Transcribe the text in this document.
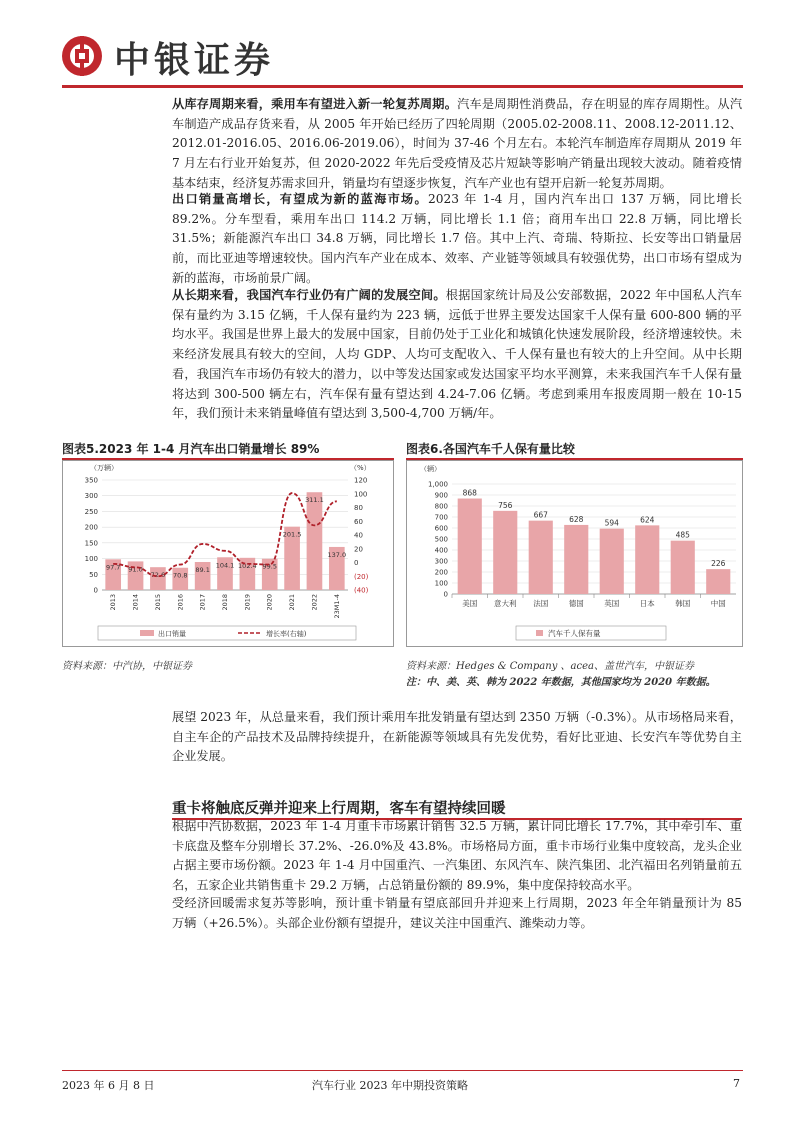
中银证券
从库存周期来看，乘用车有望进入新一轮复苏周期。汽车是周期性消费品，存在明显的库存周期性。从汽车制造产成品存货来看，从 2005 年开始已经历了四轮周期（2005.02-2008.11、2008.12-2011.12、2012.01-2016.05、2016.06-2019.06），时间为 37-46 个月左右。本轮汽车制造库存周期从 2019 年 7 月左右行业开始复苏，但 2020-2022 年先后受疫情及芯片短缺等影响产销量出现较大波动。随着疫情基本结束，经济复苏需求回升，销量均有望逐步恢复，汽车产业也有望开启新一轮复苏周期。
出口销量高增长，有望成为新的蓝海市场。2023 年 1-4 月，国内汽车出口 137 万辆，同比增长 89.2%。分车型看，乘用车出口 114.2 万辆，同比增长 1.1 倍；商用车出口 22.8 万辆，同比增长 31.5%；新能源汽车出口 34.8 万辆，同比增长 1.7 倍。其中上汽、奇瑞、特斯拉、长安等出口销量居前，而比亚迪等增速较快。国内汽车产业在成本、效率、产业链等领域具有较强优势，出口市场有望成为新的蓝海，市场前景广阔。
从长期来看，我国汽车行业仍有广阔的发展空间。根据国家统计局及公安部数据，2022 年中国私人汽车保有量约为 3.15 亿辆，千人保有量约为 223 辆，远低于世界主要发达国家千人保有量 600-800 辆的平均水平。我国是世界上最大的发展中国家，目前仍处于工业化和城镇化快速发展阶段，经济增速较快。未来经济发展具有较大的空间，人均 GDP、人均可支配收入、千人保有量也有较大的上升空间。从中长期看，我国汽车市场仍有较大的潜力，以中等发达国家或发达国家平均水平测算，未来我国汽车千人保有量将达到 300-500 辆左右，汽车保有量有望达到 4.24-7.06 亿辆。考虑到乘用车报废周期一般在 10-15 年，我们预计未来销量峰值有望达到 3,500-4,700 万辆/年。
图表5.2023 年 1-4 月汽车出口销量增长 89%
（万辆）	（%）
0
50
100
150
200
250
300
350
(40)
(20)
0
20
40
60
80
100
120
97.7
2013
91.0
2014
72.6
2015
70.8
2016
89.1
2017
104.1
2018
102.4
2019
99.5
2020
201.5
2021
311.1
2022
137.0
23M1-4
出口销量	增长率(右轴)
资料来源：中汽协，中银证券
图表6.各国汽车千人保有量比较
（辆）
0
100
200
300
400
500
600
700
800
900
1,000
868
美国
756
意大利
667
法国
628
德国
594
英国
624
日本
485
韩国
226
中国
汽车千人保有量
资料来源：Hedges & Company 、acea、盖世汽车，中银证券
注：中、美、英、韩为 2022 年数据，其他国家均为 2020 年数据。
展望 2023 年，从总量来看，我们预计乘用车批发销量有望达到 2350 万辆（-0.3%）。从市场格局来看，自主车企的产品技术及品牌持续提升，在新能源等领域具有先发优势，看好比亚迪、长安汽车等优势自主企业发展。
重卡将触底反弹并迎来上行周期，客车有望持续回暖
根据中汽协数据，2023 年 1-4 月重卡市场累计销售 32.5 万辆，累计同比增长 17.7%，其中牵引车、重卡底盘及整车分别增长 37.2%、-26.0%及 43.8%。市场格局方面，重卡市场行业集中度较高，龙头企业占据主要市场份额。2023 年 1-4 月中国重汽、一汽集团、东风汽车、陕汽集团、北汽福田名列销量前五名，五家企业共销售重卡 29.2 万辆，占总销量份额的 89.9%，集中度保持较高水平。
受经济回暖需求复苏等影响，预计重卡销量有望底部回升并迎来上行周期，2023 年全年销量预计为 85 万辆（+26.5%）。头部企业份额有望提升，建议关注中国重汽、潍柴动力等。
2023 年 6 月 8 日	汽车行业 2023 年中期投资策略	7
